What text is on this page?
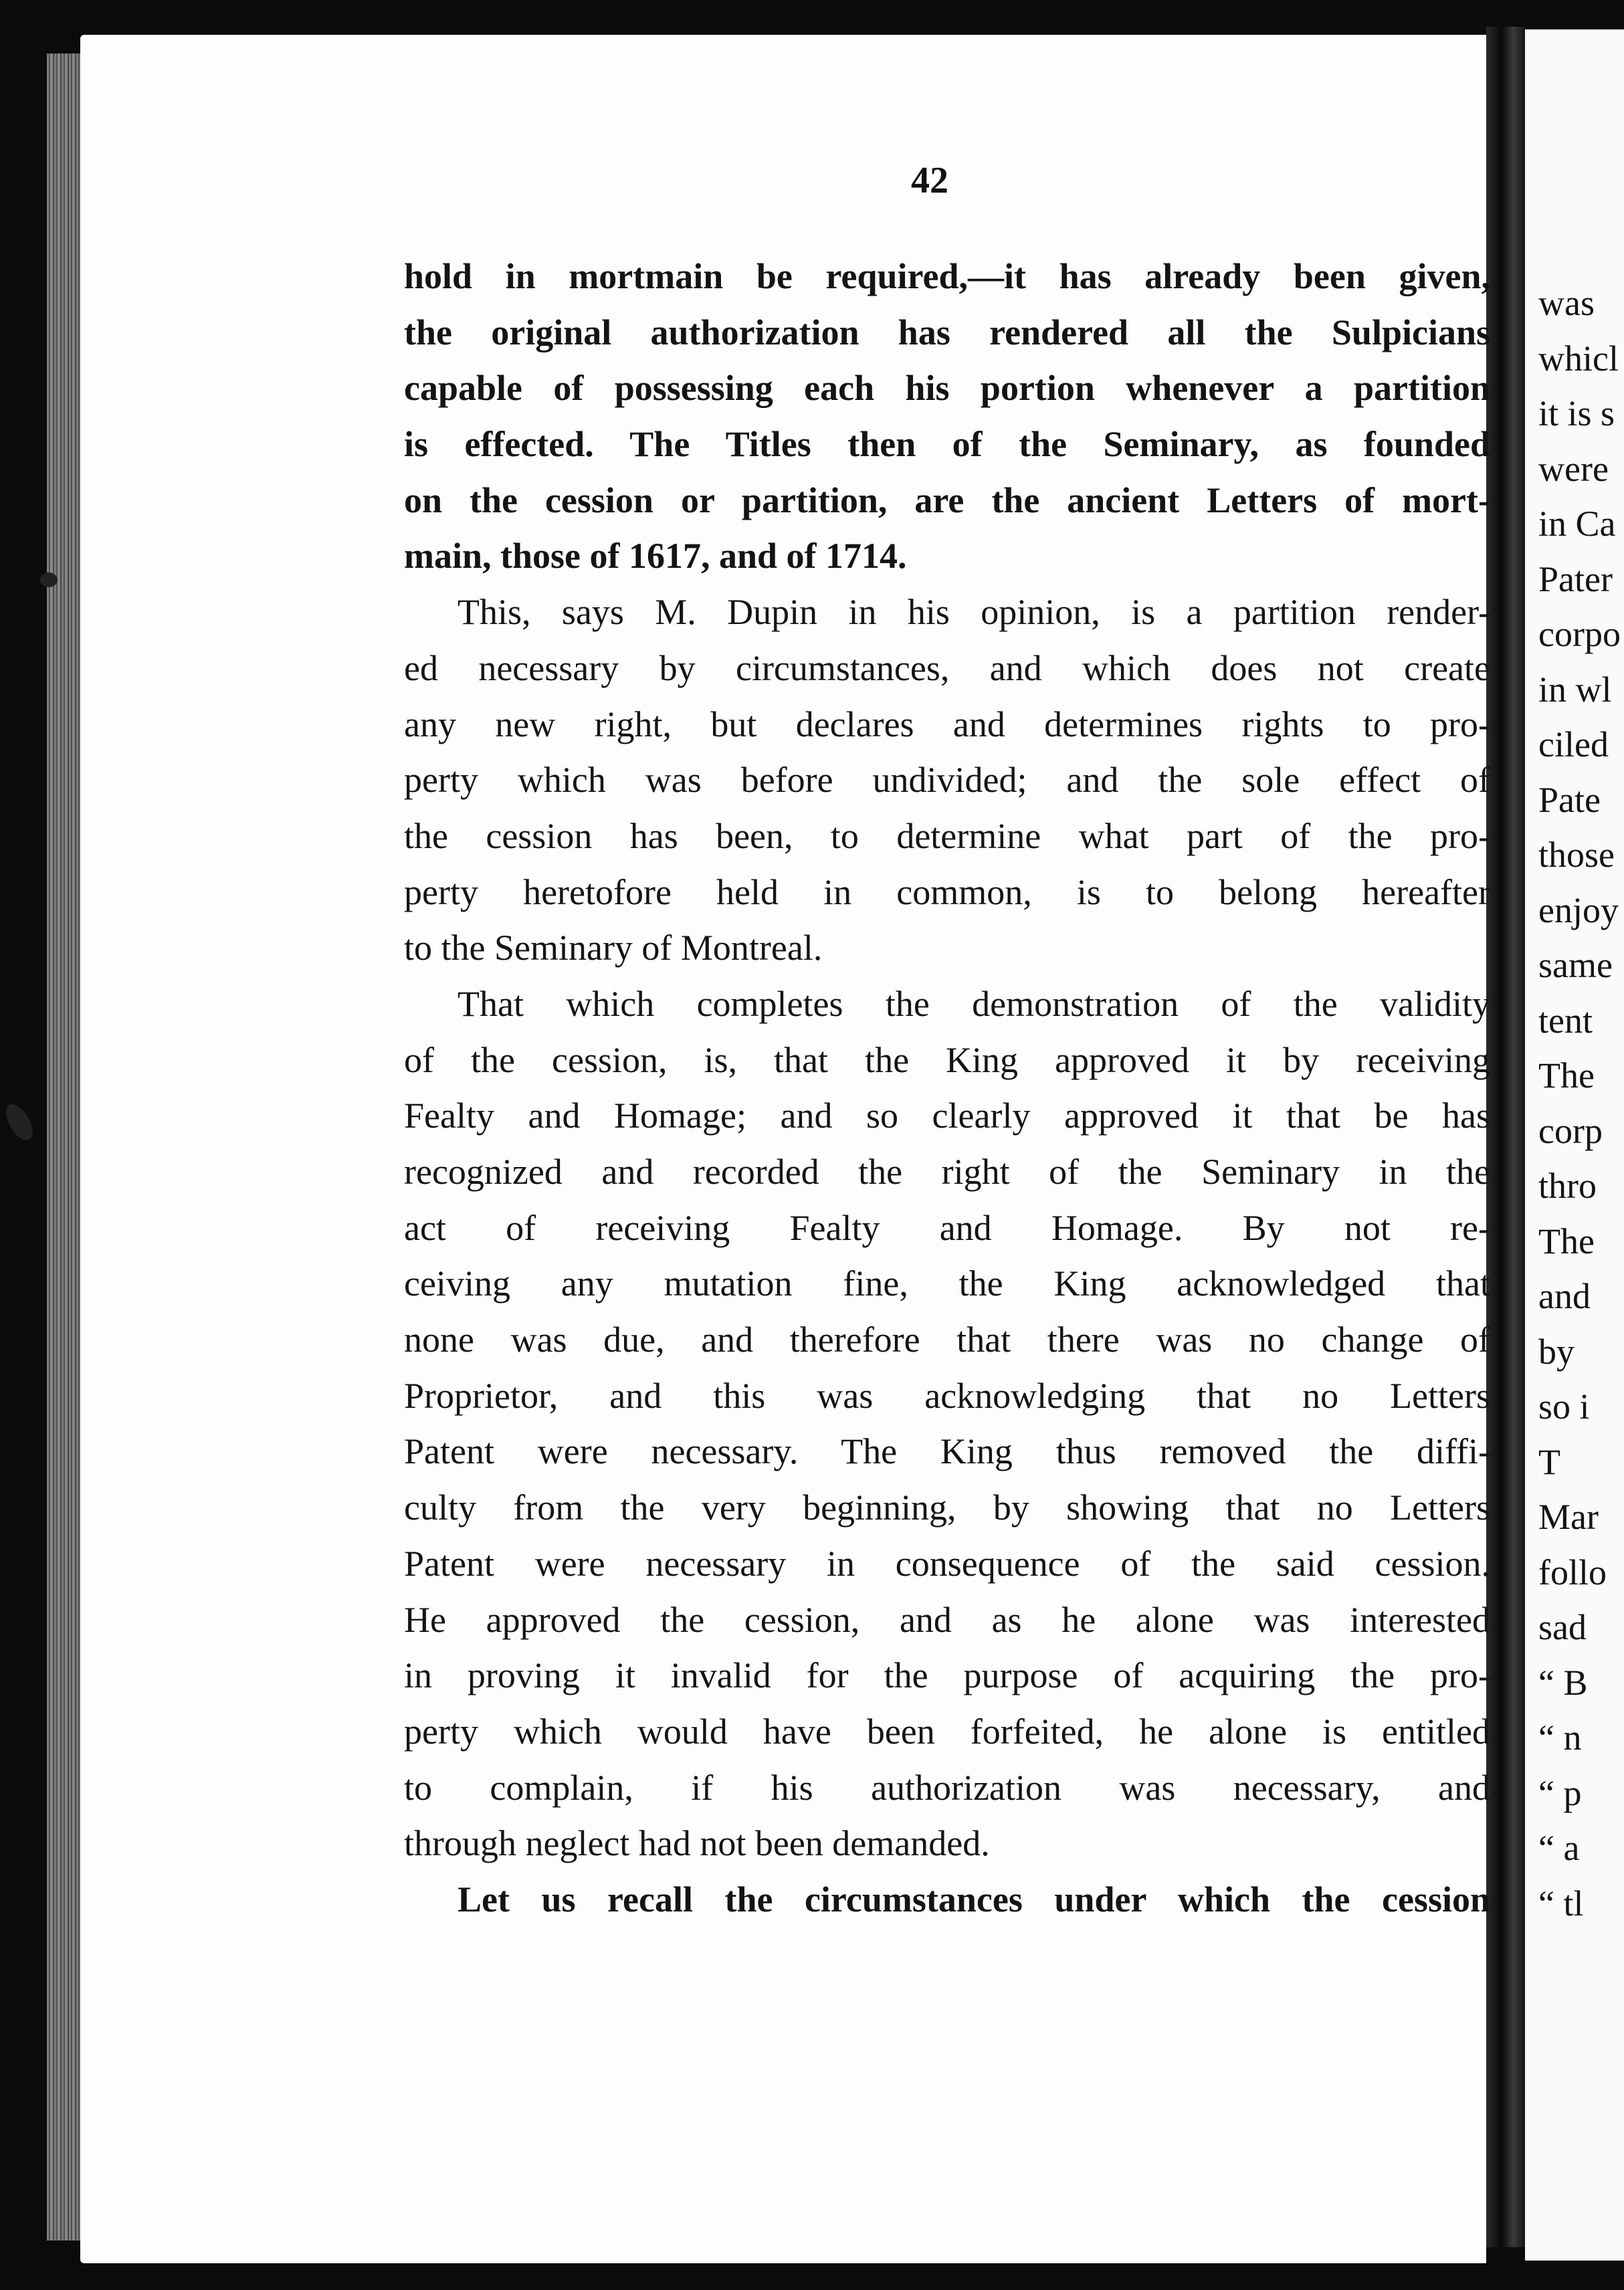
42
hold in mortmain be required,—it has already been given,
the original authorization has rendered all the Sulpicians
capable of possessing each his portion whenever a partition
is effected. The Titles then of the Seminary, as founded
on the cession or partition, are the ancient Letters of mort-
main, those of 1617, and of 1714.
This, says M. Dupin in his opinion, is a partition render-
ed necessary by circumstances, and which does not create
any new right, but declares and determines rights to pro-
perty which was before undivided; and the sole effect of
the cession has been, to determine what part of the pro-
perty heretofore held in common, is to belong hereafter
to the Seminary of Montreal.
That which completes the demonstration of the validity
of the cession, is, that the King approved it by receiving
Fealty and Homage; and so clearly approved it that be has
recognized and recorded the right of the Seminary in the
act of receiving Fealty and Homage. By not re-
ceiving any mutation fine, the King acknowledged that
none was due, and therefore that there was no change of
Proprietor, and this was acknowledging that no Letters
Patent were necessary. The King thus removed the diffi-
culty from the very beginning, by showing that no Letters
Patent were necessary in consequence of the said cession.
He approved the cession, and as he alone was interested
in proving it invalid for the purpose of acquiring the pro-
perty which would have been forfeited, he alone is entitled
to complain, if his authorization was necessary, and
through neglect had not been demanded.
Let us recall the circumstances under which the cession
was
whicl
it is s
were
in Ca
Pater
corpo
in wl
ciled
Pate
those
enjoy
same
tent
The
corp
thro
The
and
by
so i
T
Mar
follo
sad
“ B
“ n
“ p
“ a
“ tl
